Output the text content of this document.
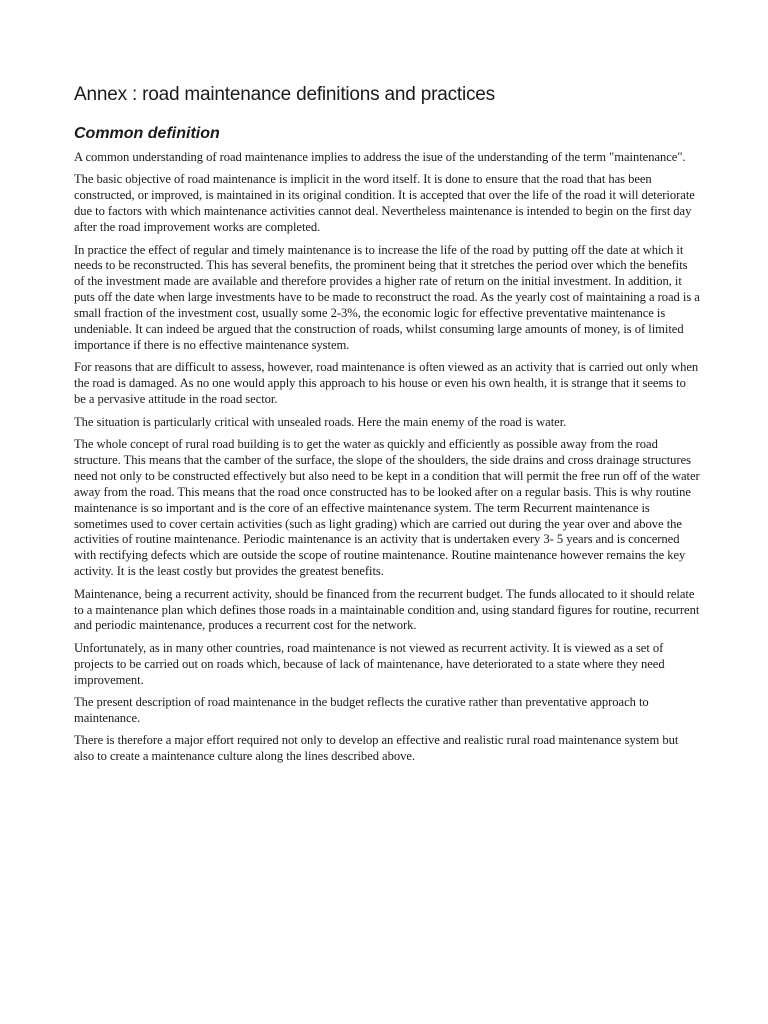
Annex : road maintenance definitions and practices
Common definition

A common understanding of road maintenance implies to address the isue of the understanding of the term "maintenance".

The basic objective of road maintenance is implicit in the word itself. It is done to ensure that the road that has been constructed, or improved, is maintained in its original condition. It is accepted that over the life of the road it will deteriorate due to factors with which maintenance activities cannot deal. Nevertheless maintenance is intended to begin on the first day after the road improvement works are completed.

In practice the effect of regular and timely maintenance is to increase the life of the road by putting off the date at which it needs to be reconstructed. This has several benefits, the prominent being that it stretches the period over which the benefits of the investment made are available and therefore provides a higher rate of return on the initial investment. In addition, it puts off the date when large investments have to be made to reconstruct the road. As the yearly cost of maintaining a road is a small fraction of the investment cost, usually some 2-3%, the economic logic for effective preventative maintenance is undeniable. It can indeed be argued that the construction of roads, whilst consuming large amounts of money, is of limited importance if there is no effective maintenance system.

For reasons that are difficult to assess, however, road maintenance is often viewed as an activity that is carried out only when the road is damaged. As no one would apply this approach to his house or even his own health, it is strange that it seems to be a pervasive attitude in the road sector.

The situation is particularly critical with unsealed roads. Here the main enemy of the road is water.

The whole concept of rural road building is to get the water as quickly and efficiently as possible away from the road structure. This means that the camber of the surface, the slope of the shoulders, the side drains and cross drainage structures need not only to be constructed effectively but also need to be kept in a condition that will permit the free run off of the water away from the road. This means that the road once constructed has to be looked after on a regular basis. This is why routine maintenance is so important and is the core of an effective maintenance system. The term Recurrent maintenance is sometimes used to cover certain activities (such as light grading) which are carried out during the year over and above the activities of routine maintenance. Periodic maintenance is an activity that is undertaken every 3- 5 years and is concerned with rectifying defects which are outside the scope of routine maintenance. Routine maintenance however remains the key activity. It is the least costly but provides the greatest benefits.

Maintenance, being a recurrent activity, should be financed from the recurrent budget. The funds allocated to it should relate to a maintenance plan which defines those roads in a maintainable condition and, using standard figures for routine, recurrent and periodic maintenance, produces a recurrent cost for the network.

Unfortunately, as in many other countries, road maintenance is not viewed as recurrent activity. It is viewed as a set of projects to be carried out on roads which, because of lack of maintenance, have deteriorated to a state where they need improvement.

The present description of road maintenance in the budget reflects the curative rather than preventative approach to maintenance.

There is therefore a major effort required not only to develop an effective and realistic rural road maintenance system but also to create a maintenance culture along the lines described above.
